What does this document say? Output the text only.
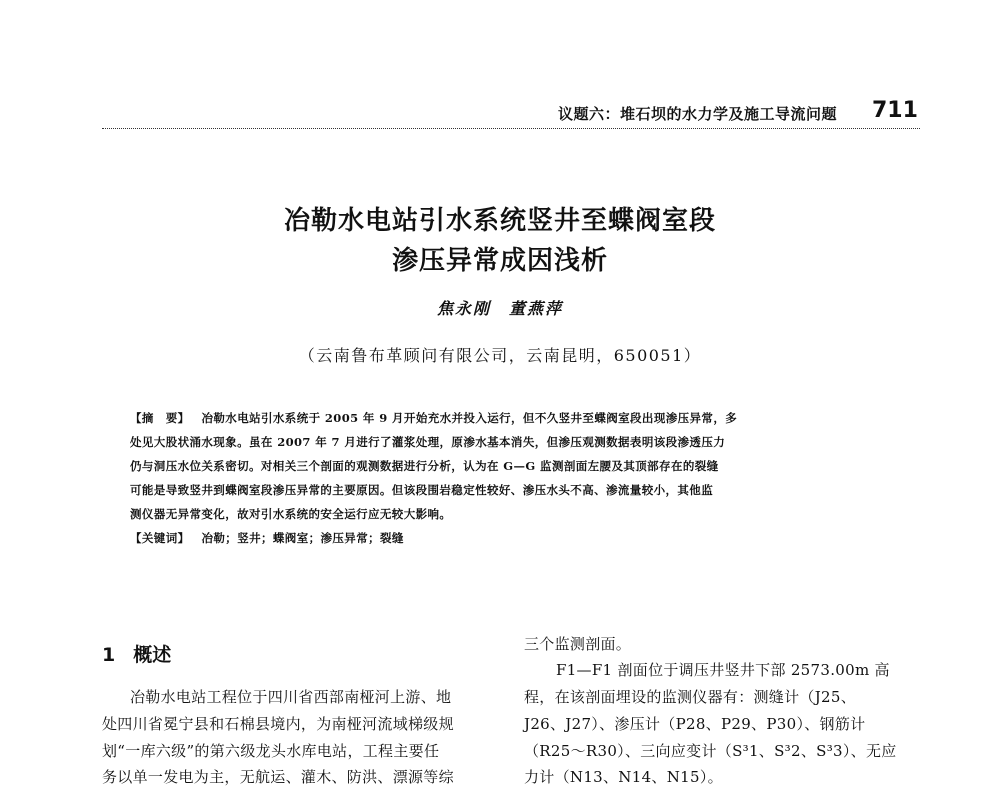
议题六：堆石坝的水力学及施工导流问题 711
冶勒水电站引水系统竖井至蝶阀室段
渗压异常成因浅析
焦永刚　董燕萍
（云南鲁布革顾问有限公司，云南昆明，650051）
【摘　要】 冶勒水电站引水系统于 2005 年 9 月开始充水并投入运行，但不久竖井至蝶阀室段出现渗压异常，多
处见大股状涌水现象。虽在 2007 年 7 月进行了灌浆处理，原渗水基本消失，但渗压观测数据表明该段渗透压力
仍与洞压水位关系密切。对相关三个剖面的观测数据进行分析，认为在 G—G 监测剖面左腰及其顶部存在的裂缝
可能是导致竖井到蝶阀室段渗压异常的主要原因。但该段围岩稳定性较好、渗压水头不高、渗流量较小，其他监
测仪器无异常变化，故对引水系统的安全运行应无较大影响。
【关键词】 冶勒；竖井；蝶阀室；渗压异常；裂缝
1 概述
冶勒水电站工程位于四川省西部南桠河上游、地
处四川省冕宁县和石棉县境内，为南桠河流域梯级规
划“一库六级”的第六级龙头水库电站，工程主要任
务以单一发电为主，无航运、灌木、防洪、漂源等综
三个监测剖面。
F1—F1 剖面位于调压井竖井下部 2573.00m 高
程，在该剖面埋设的监测仪器有：测缝计（J25、
J26、J27）、渗压计（P28、P29、P30）、钢筋计
（R25～R30）、三向应变计（S³1、S³2、S³3）、无应
力计（N13、N14、N15）。
